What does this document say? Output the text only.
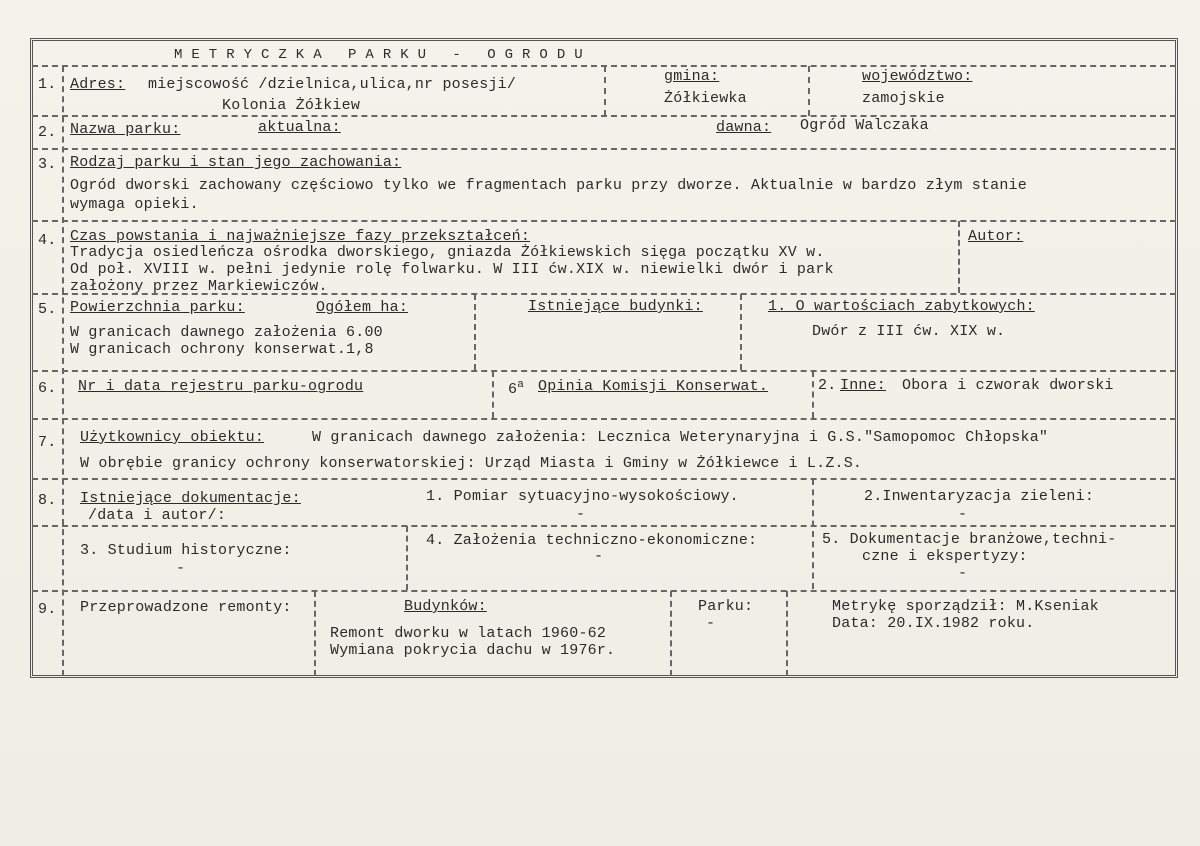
METRYCZKA PARKU - OGRODU
1. Adres: miejscowość /dzielnica,ulica,nr posesji/
Kolonia Żółkiew
gmina:
Żółkiewka
województwo:
zamojskie
2. Nazwa parku:	aktualna:	dawna: Ogród Walczaka
3. Rodzaj parku i stan jego zachowania:
Ogród dworski zachowany częściowo tylko we fragmentach parku przy dworze. Aktualnie w bardzo złym stanie
wymaga opieki.
4. Czas powstania i najważniejsze fazy przekształceń:
Tradycja osiedleńcza ośrodka dworskiego, gniazda Żółkiewskich sięga początku XV w.
Od poł. XVIII w. pełni jedynie rolę folwarku. W III ćw.XIX w. niewielki dwór i park
założony przez Markiewiczów.
Autor:
5. Powierzchnia parku:	Ogółem ha:
W granicach dawnego założenia 6.00
W granicach ochrony konserwat.1,8
Istniejące budynki:	1. O wartościach zabytkowych:
Dwór z III ćw. XIX w.
6. Nr i data rejestru parku-ogrodu	6$^a$ Opinia Komisji Konserwat.	2. Inne: Obora i czworak dworski
7. Użytkownicy obiektu:	W granicach dawnego założenia: Lecznica Weterynaryjna i G.S."Samopomoc Chłopska"
W obrębie granicy ochrony konserwatorskiej: Urząd Miasta i Gminy w Żółkiewce i L.Z.S.
8. Istniejące dokumentacje:
/data i autor/:
1. Pomiar sytuacyjno-wysokościowy.
-
2.Inwentaryzacja zieleni:
-
3. Studium historyczne:
-
4. Założenia techniczno-ekonomiczne:
-
5. Dokumentacje branżowe,techni-
czne i ekspertyzy:
-
9. Przeprowadzone remonty:	Budynków:
Remont dworku w latach 1960-62
Wymiana pokrycia dachu w 1976r.
Parku:
-
Metrykę sporządził: M.Kseniak
Data: 20.IX.1982 roku.
